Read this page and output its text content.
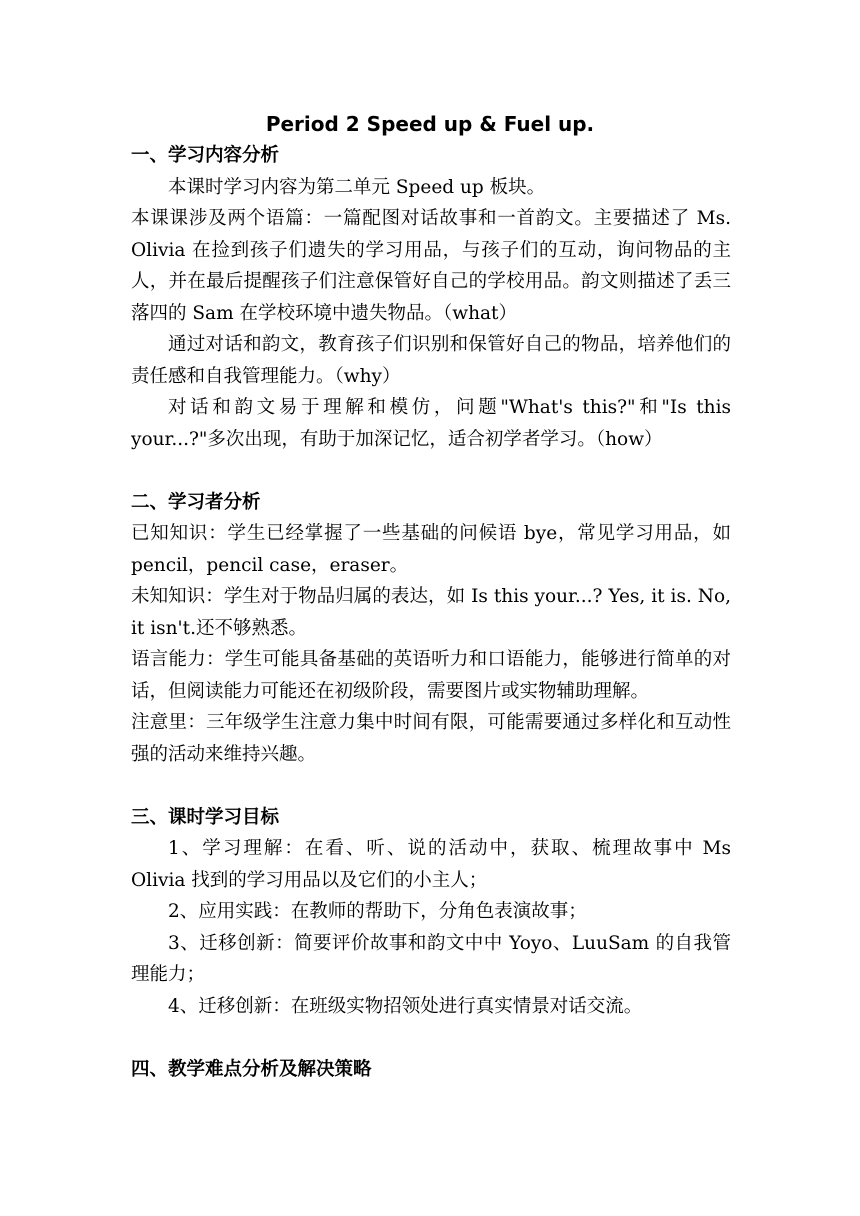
Period 2 Speed up & Fuel up.

一、学习内容分析

本课时学习内容为第二单元 Speed up 板块。

本课课涉及两个语篇：一篇配图对话故事和一首韵文。主要描述了 Ms. Olivia 在捡到孩子们遗失的学习用品，与孩子们的互动，询问物品的主人，并在最后提醒孩子们注意保管好自己的学校用品。韵文则描述了丢三落四的 Sam 在学校环境中遗失物品。（what）

通过对话和韵文，教育孩子们识别和保管好自己的物品，培养他们的责任感和自我管理能力。（why）

对话和韵文易于理解和模仿，问题"What's this?"和"Is this your...?"多次出现，有助于加深记忆，适合初学者学习。（how）

二、学习者分析

已知知识：学生已经掌握了一些基础的问候语 bye，常见学习用品，如 pencil，pencil case，eraser。

未知知识：学生对于物品归属的表达，如 Is this your...? Yes, it is. No, it isn't.还不够熟悉。

语言能力：学生可能具备基础的英语听力和口语能力，能够进行简单的对话，但阅读能力可能还在初级阶段，需要图片或实物辅助理解。

注意里：三年级学生注意力集中时间有限，可能需要通过多样化和互动性强的活动来维持兴趣。

三、课时学习目标

1、学习理解：在看、听、说的活动中，获取、梳理故事中 Ms Olivia 找到的学习用品以及它们的小主人；

2、应用实践：在教师的帮助下，分角色表演故事；

3、迁移创新：简要评价故事和韵文中中 Yoyo、LuuSam 的自我管理能力；

4、迁移创新：在班级实物招领处进行真实情景对话交流。

四、教学难点分析及解决策略
